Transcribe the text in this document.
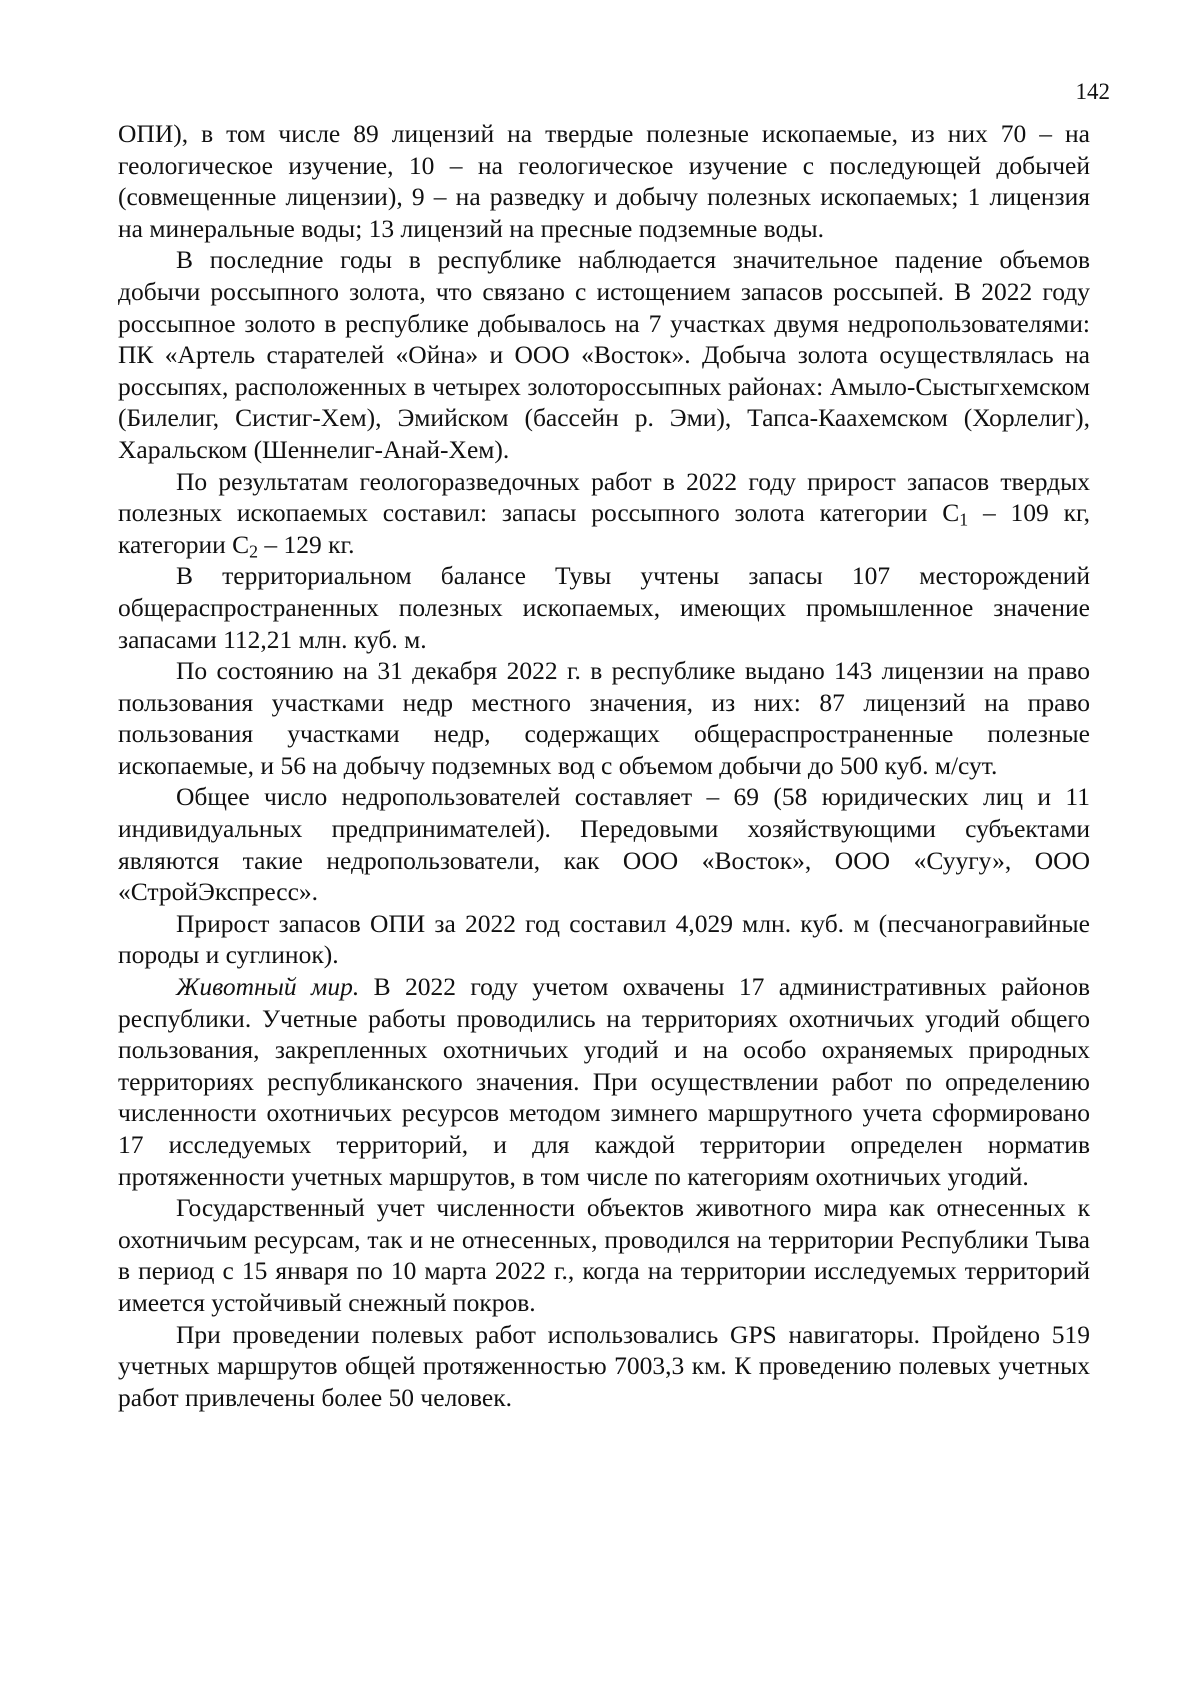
142

ОПИ), в том числе 89 лицензий на твердые полезные ископаемые, из них 70 – на геологическое изучение, 10 – на геологическое изучение с последующей добычей (совмещенные лицензии), 9 – на разведку и добычу полезных ископаемых; 1 лицензия на минеральные воды; 13 лицензий на пресные подземные воды.

В последние годы в республике наблюдается значительное падение объемов добычи россыпного золота, что связано с истощением запасов россыпей. В 2022 году россыпное золото в республике добывалось на 7 участках двумя недропользователями: ПК «Артель старателей «Ойна» и ООО «Восток». Добыча золота осуществлялась на россыпях, расположенных в четырех золотороссыпных районах: Амыло-Сыстыгхемском (Билелиг, Систиг-Хем), Эмийском (бассейн р. Эми), Тапса-Каахемском (Хорлелиг), Харальском (Шеннелиг-Анай-Хем).

По результатам геологоразведочных работ в 2022 году прирост запасов твердых полезных ископаемых составил: запасы россыпного золота категории $С_1 - 109$ кг, категории $С_2 - 129$ кг.

В территориальном балансе Тувы учтены запасы 107 месторождений общераспространенных полезных ископаемых, имеющих промышленное значение запасами 112,21 млн. куб. м.

По состоянию на 31 декабря 2022 г. в республике выдано 143 лицензии на право пользования участками недр местного значения, из них: 87 лицензий на право пользования участками недр, содержащих общераспространенные полезные ископаемые, и 56 на добычу подземных вод с объемом добычи до 500 куб. м/сут.

Общее число недропользователей составляет – 69 (58 юридических лиц и 11 индивидуальных предпринимателей). Передовыми хозяйствующими субъектами являются такие недропользователи, как ООО «Восток», ООО «Суугу», ООО «СтройЭкспресс».

Прирост запасов ОПИ за 2022 год составил 4,029 млн. куб. м (песчаногравийные породы и суглинок).

Животный мир. В 2022 году учетом охвачены 17 административных районов республики. Учетные работы проводились на территориях охотничьих угодий общего пользования, закрепленных охотничьих угодий и на особо охраняемых природных территориях республиканского значения. При осуществлении работ по определению численности охотничьих ресурсов методом зимнего маршрутного учета сформировано 17 исследуемых территорий, и для каждой территории определен норматив протяженности учетных маршрутов, в том числе по категориям охотничьих угодий.

Государственный учет численности объектов животного мира как отнесенных к охотничьим ресурсам, так и не отнесенных, проводился на территории Республики Тыва в период с 15 января по 10 марта 2022 г., когда на территории исследуемых территорий имеется устойчивый снежный покров.

При проведении полевых работ использовались GPS навигаторы. Пройдено 519 учетных маршрутов общей протяженностью 7003,3 км. К проведению полевых учетных работ привлечены более 50 человек.
